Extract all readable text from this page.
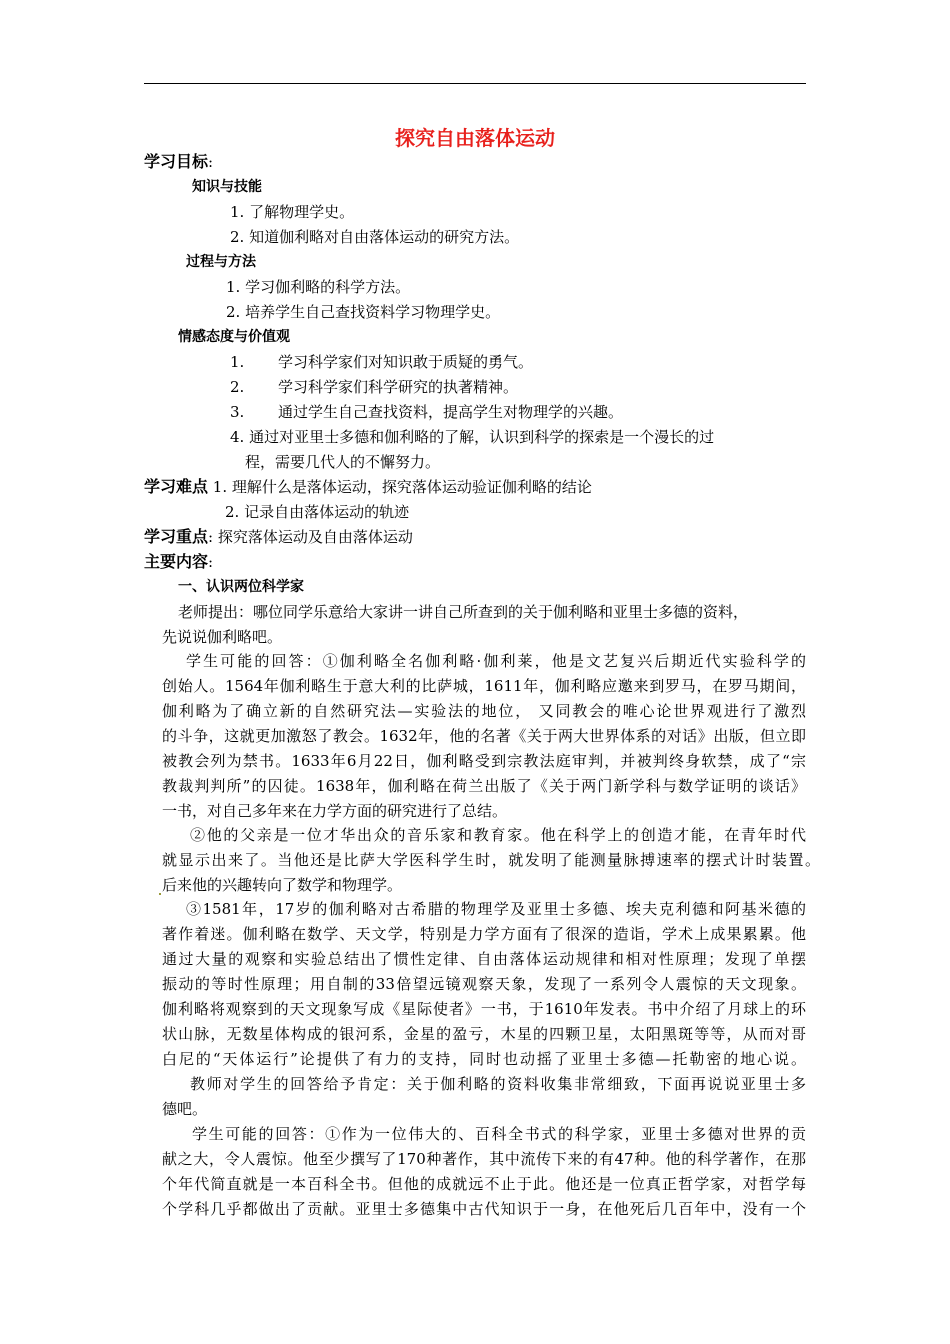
探究自由落体运动
学习目标:
知识与技能
1. 了解物理学史。
2. 知道伽利略对自由落体运动的研究方法。
过程与方法
1. 学习伽利略的科学方法。
2. 培养学生自己查找资料学习物理学史。
情感态度与价值观
1. 学习科学家们对知识敢于质疑的勇气。
2. 学习科学家们科学研究的执著精神。
3. 通过学生自己查找资料，提高学生对物理学的兴趣。
4. 通过对亚里士多德和伽利略的了解，认识到科学的探索是一个漫长的过
程，需要几代人的不懈努力。
学习难点 1. 理解什么是落体运动，探究落体运动验证伽利略的结论
2. 记录自由落体运动的轨迹
学习重点: 探究落体运动及自由落体运动
主要内容:
一、认识两位科学家
老师提出：哪位同学乐意给大家讲一讲自己所查到的关于伽利略和亚里士多德的资料，
先说说伽利略吧。
学生可能的回答：①伽利略全名伽利略·伽利莱，他是文艺复兴后期近代实验科学的
创始人。1564年伽利略生于意大利的比萨城，1611年，伽利略应邀来到罗马，在罗马期间，
伽利略为了确立新的自然研究法—实验法的地位， 又同教会的唯心论世界观进行了激烈
的斗争，这就更加激怒了教会。1632年，他的名著《关于两大世界体系的对话》出版，但立即
被教会列为禁书。1633年6月22日，伽利略受到宗教法庭审判，并被判终身软禁，成了“宗
教裁判判所”的囚徒。1638年，伽利略在荷兰出版了《关于两门新学科与数学证明的谈话》
一书，对自己多年来在力学方面的研究进行了总结。
②他的父亲是一位才华出众的音乐家和教育家。他在科学上的创造才能，在青年时代
就显示出来了。当他还是比萨大学医科学生时，就发明了能测量脉搏速率的摆式计时装置。
后来他的兴趣转向了数学和物理学。
③1581年，17岁的伽利略对古希腊的物理学及亚里士多德、埃夫克利德和阿基米德的
著作着迷。伽利略在数学、天文学，特别是力学方面有了很深的造诣，学术上成果累累。他
通过大量的观察和实验总结出了惯性定律、自由落体运动规律和相对性原理；发现了单摆
振动的等时性原理；用自制的33倍望远镜观察天象，发现了一系列令人震惊的天文现象。
伽利略将观察到的天文现象写成《星际使者》一书，于1610年发表。书中介绍了月球上的环
状山脉，无数星体构成的银河系，金星的盈亏，木星的四颗卫星，太阳黑斑等等，从而对哥
白尼的“天体运行”论提供了有力的支持，同时也动摇了亚里士多德—托勒密的地心说。
教师对学生的回答给予肯定：关于伽利略的资料收集非常细致，下面再说说亚里士多
德吧。
学生可能的回答：①作为一位伟大的、百科全书式的科学家，亚里士多德对世界的贡
献之大，令人震惊。他至少撰写了170种著作，其中流传下来的有47种。他的科学著作，在那
个年代简直就是一本百科全书。但他的成就远不止于此。他还是一位真正哲学家，对哲学每
个学科几乎都做出了贡献。亚里士多德集中古代知识于一身，在他死后几百年中，没有一个
